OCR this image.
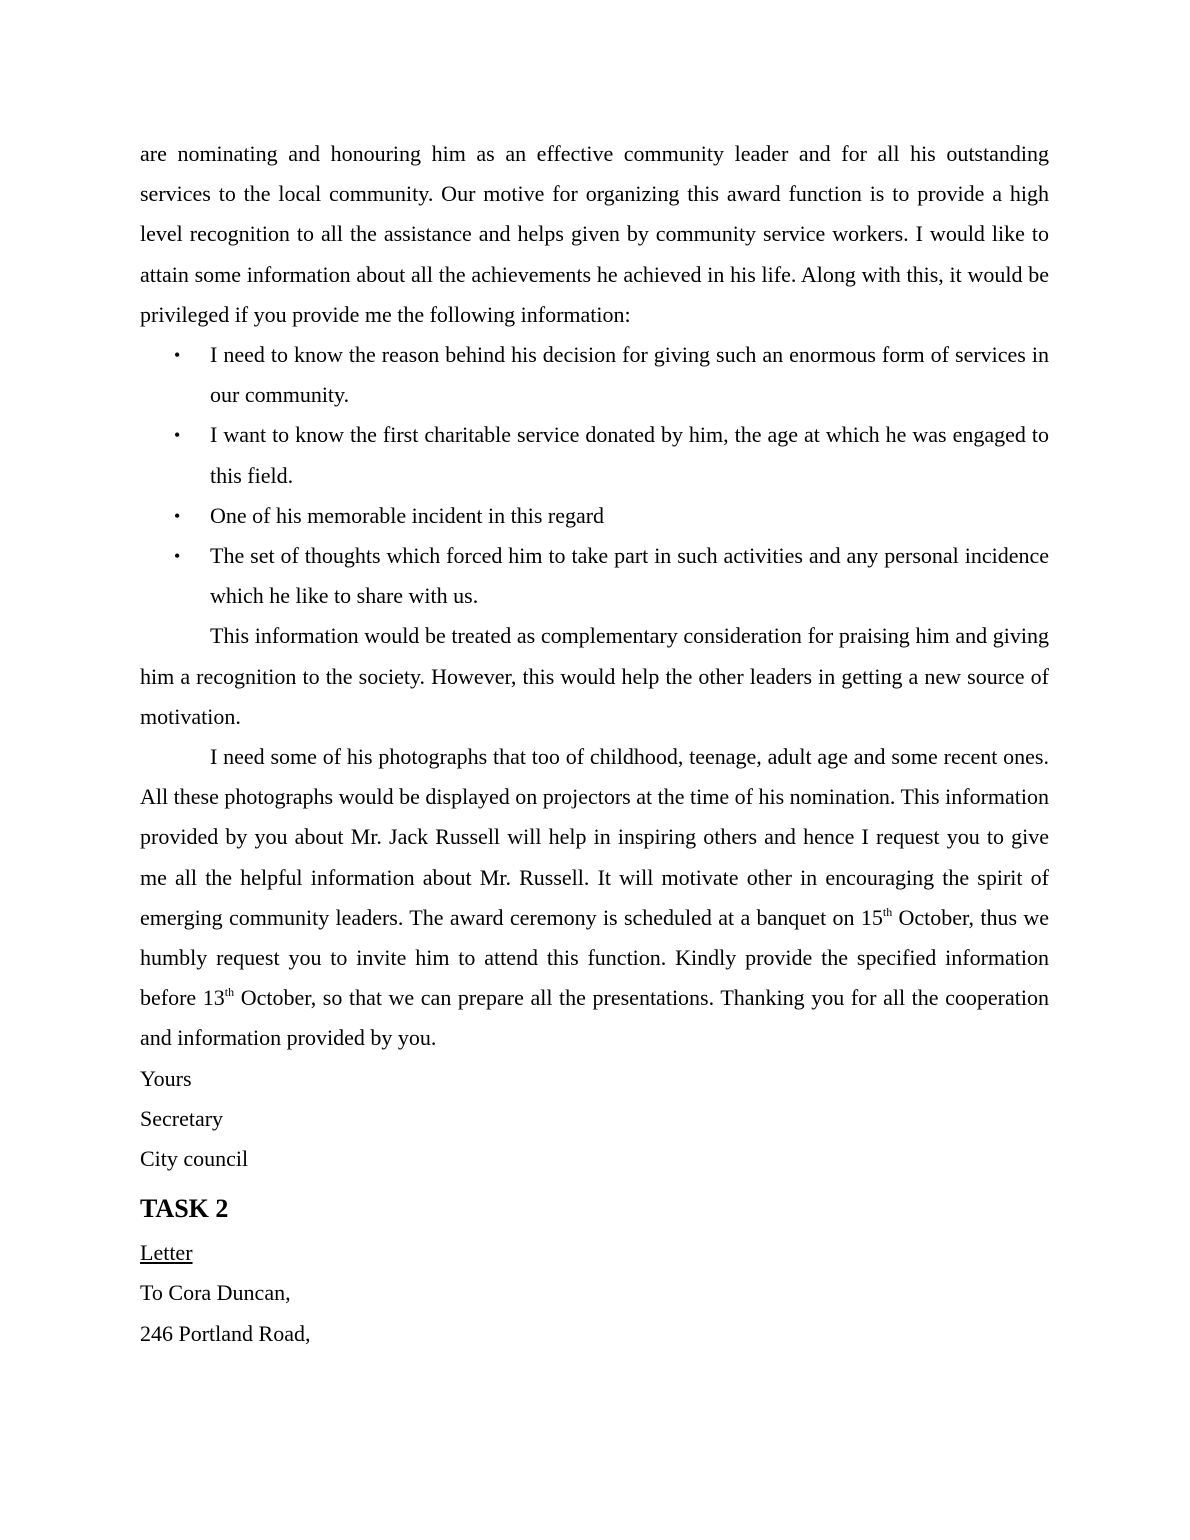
are nominating and honouring him as an effective community leader and for all his outstanding services to the local community. Our motive for organizing this award function is to provide a high level recognition to all the assistance and helps given by community service workers. I would like to attain some information about all the achievements he achieved in his life. Along with this, it would be privileged if you provide me the following information:

• I need to know the reason behind his decision for giving such an enormous form of services in our community.
• I want to know the first charitable service donated by him, the age at which he was engaged to this field.
• One of his memorable incident in this regard
• The set of thoughts which forced him to take part in such activities and any personal incidence which he like to share with us.

This information would be treated as complementary consideration for praising him and giving him a recognition to the society. However, this would help the other leaders in getting a new source of motivation.

I need some of his photographs that too of childhood, teenage, adult age and some recent ones. All these photographs would be displayed on projectors at the time of his nomination. This information provided by you about Mr. Jack Russell will help in inspiring others and hence I request you to give me all the helpful information about Mr. Russell. It will motivate other in encouraging the spirit of emerging community leaders. The award ceremony is scheduled at a banquet on 15th October, thus we humbly request you to invite him to attend this function. Kindly provide the specified information before 13th October, so that we can prepare all the presentations. Thanking you for all the cooperation and information provided by you.

Yours

Secretary

City council

TASK 2

Letter

To Cora Duncan,

246 Portland Road,
